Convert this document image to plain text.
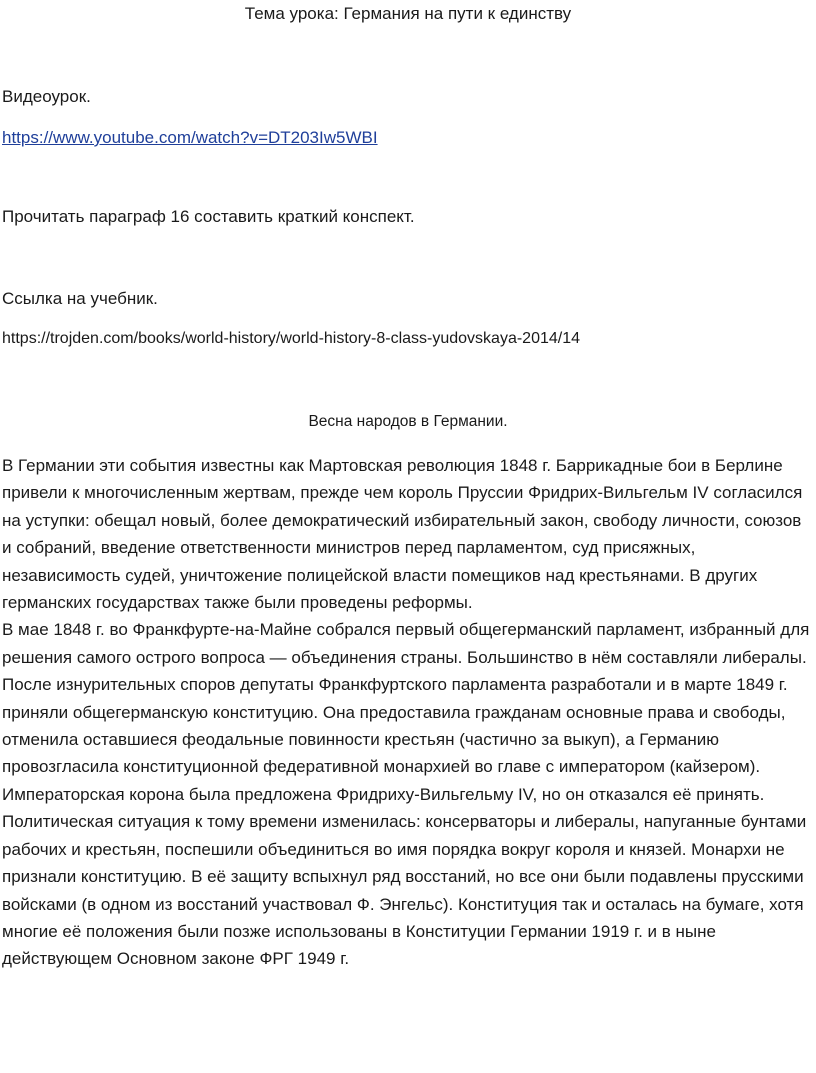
Тема урока: Германия на пути к единству
Видеоурок.
https://www.youtube.com/watch?v=DT203Iw5WBI
Прочитать параграф 16 составить краткий конспект.
Ссылка на учебник.
https://trojden.com/books/world-history/world-history-8-class-yudovskaya-2014/14
Весна народов в Германии.

В Германии эти события известны как Мартовская революция 1848 г. Баррикадные бои в Берлине привели к многочисленным жертвам, прежде чем король Пруссии Фридрих-Вильгельм IV согласился на уступки: обещал новый, более демократический избирательный закон, свободу личности, союзов и собраний, введение ответственности министров перед парламентом, суд присяжных, независимость судей, уничтожение полицейской власти помещиков над крестьянами. В других германских государствах также были проведены реформы.

В мае 1848 г. во Франкфурте-на-Майне собрался первый общегерманский парламент, избранный для решения самого острого вопроса — объединения страны. Большинство в нём составляли либералы. После изнурительных споров депутаты Франкфуртского парламента разработали и в марте 1849 г. приняли общегерманскую конституцию. Она предоставила гражданам основные права и свободы, отменила оставшиеся феодальные повинности крестьян (частично за выкуп), а Германию провозгласила конституционной федеративной монархией во главе с императором (кайзером).

Императорская корона была предложена Фридриху-Вильгельму IV, но он отказался её принять. Политическая ситуация к тому времени изменилась: консерваторы и либералы, напуганные бунтами рабочих и крестьян, поспешили объединиться во имя порядка вокруг короля и князей. Монархи не признали конституцию. В её защиту вспыхнул ряд восстаний, но все они были подавлены прусскими войсками (в одном из восстаний участвовал Ф. Энгельс). Конституция так и осталась на бумаге, хотя многие её положения были позже использованы в Конституции Германии 1919 г. и в ныне действующем Основном законе ФРГ 1949 г.
